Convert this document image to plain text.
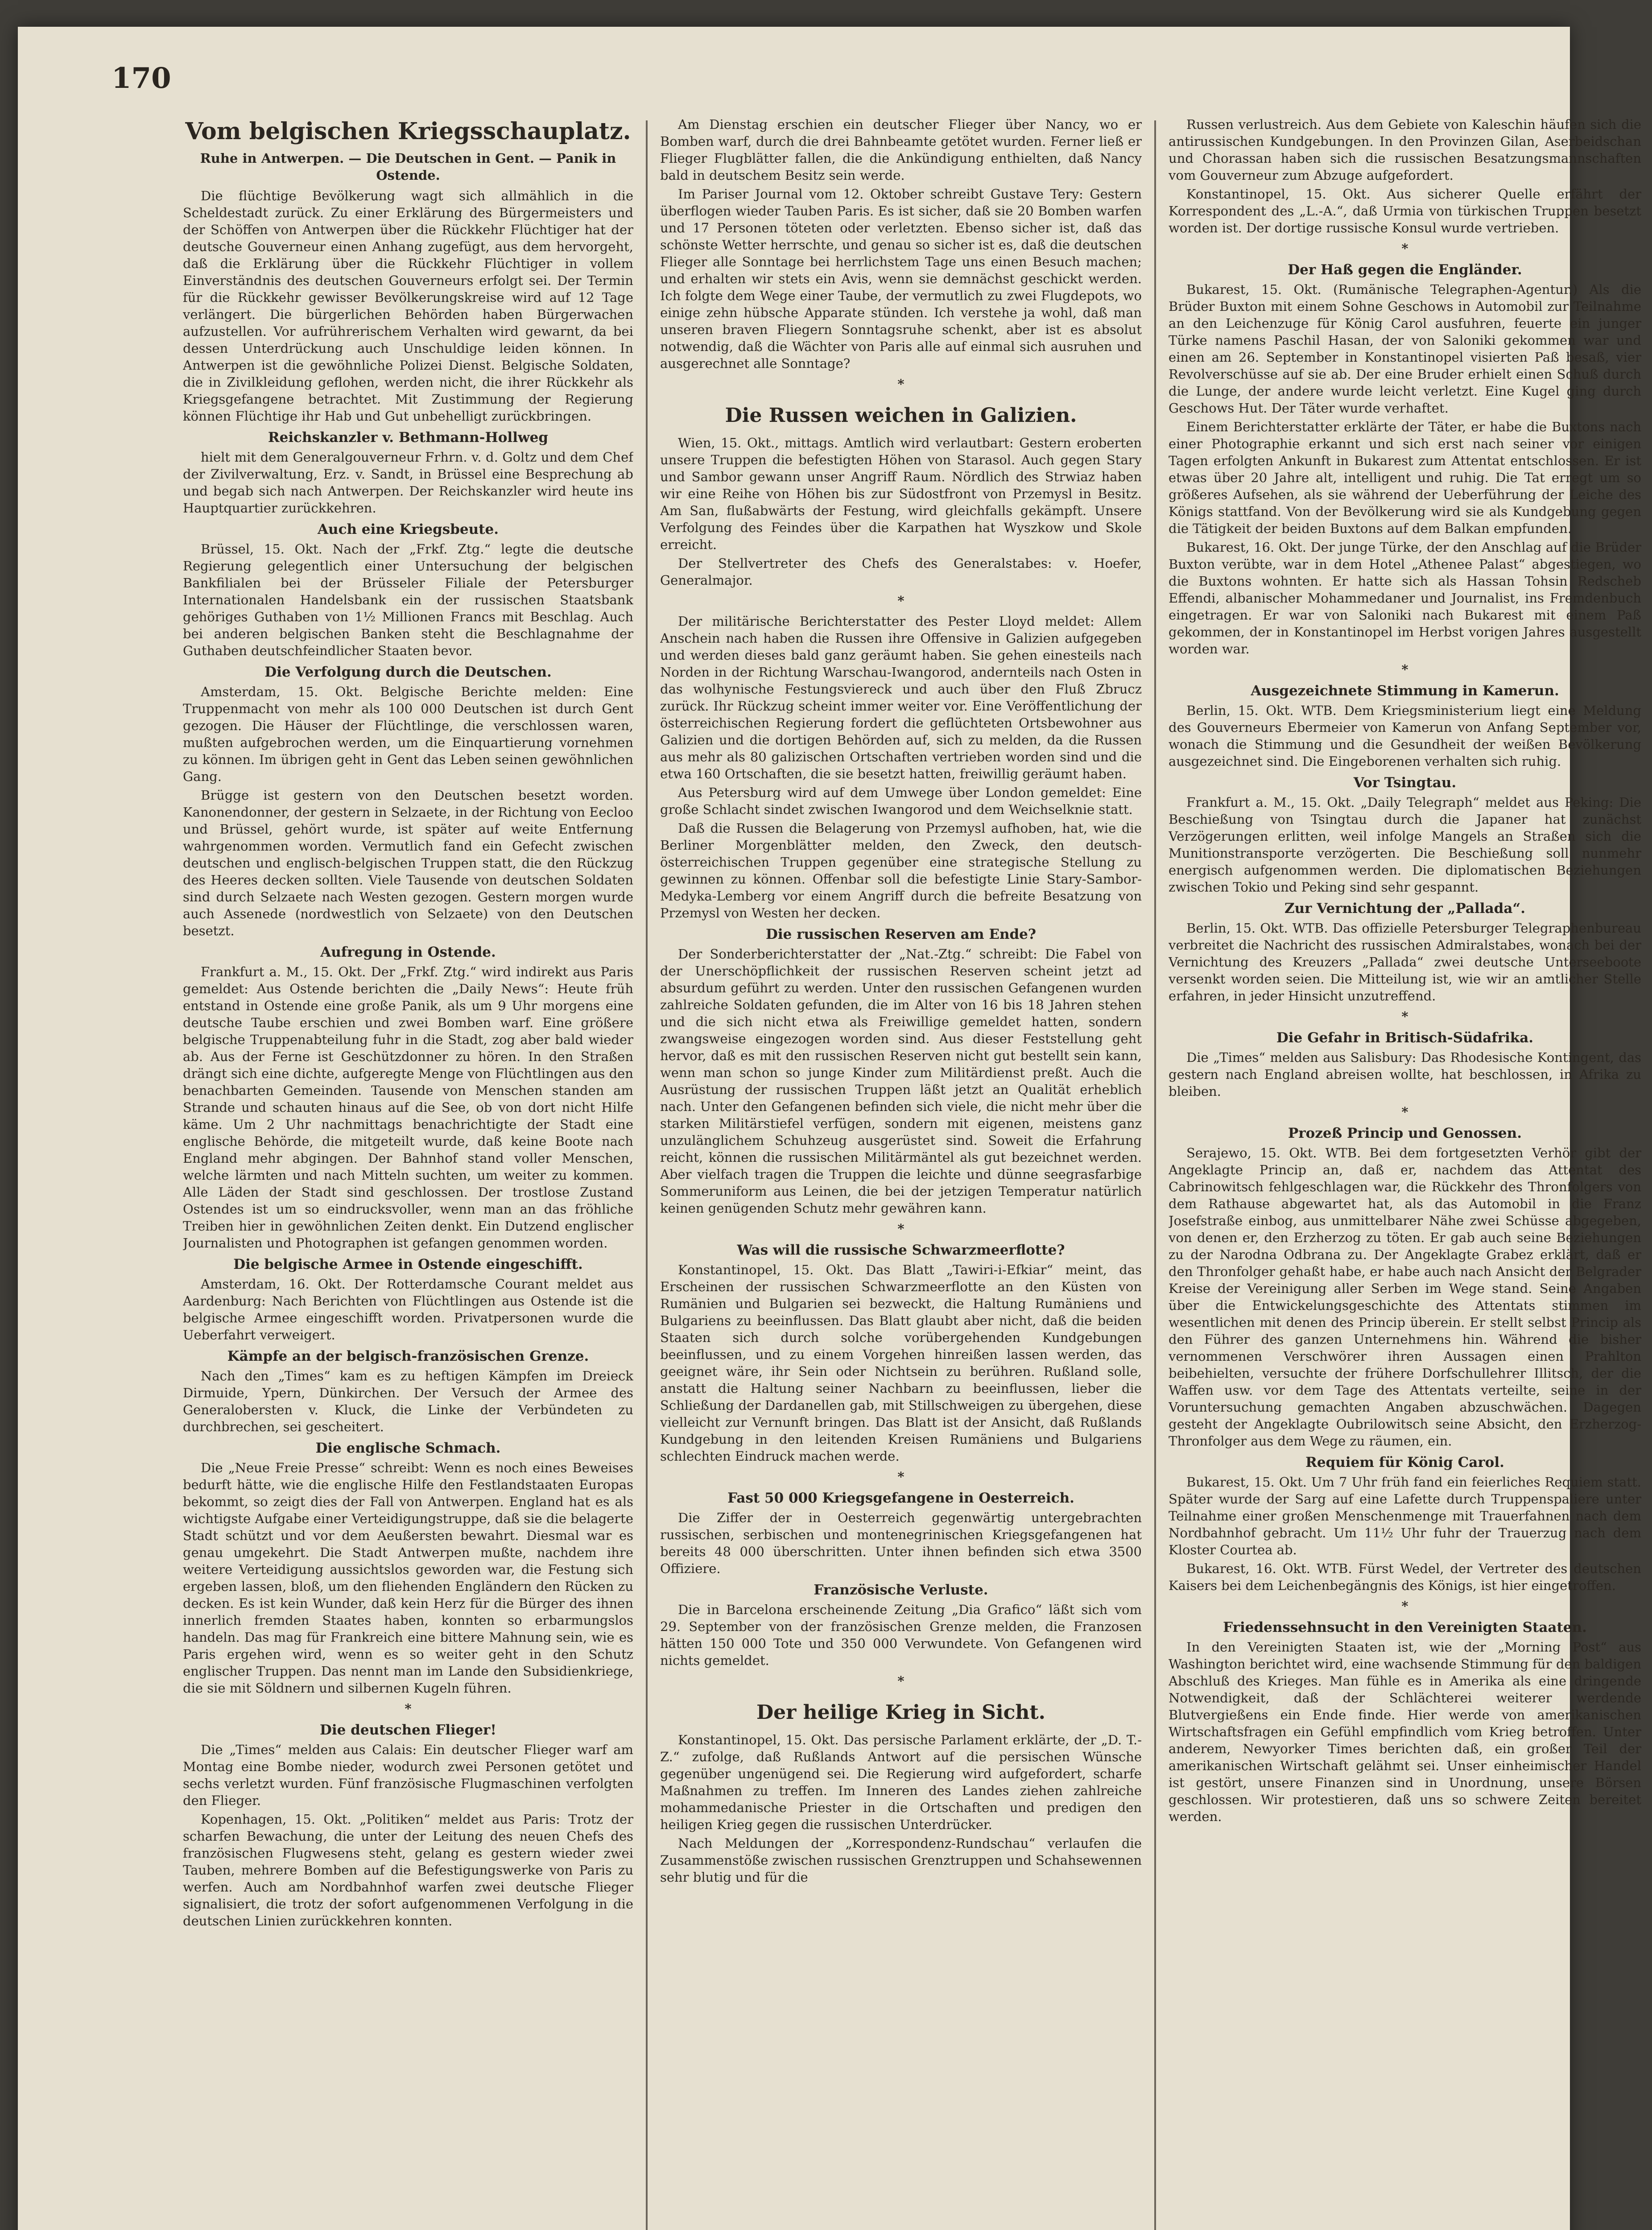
170
Vom belgischen Kriegsschauplatz.
Ruhe in Antwerpen. — Die Deutschen in Gent. — Panik in Ostende.

Die flüchtige Bevölkerung wagt sich allmählich in die Scheldestadt zurück. Zu einer Erklärung des Bürgermeisters und der Schöffen von Antwerpen über die Rückkehr Flüchtiger hat der deutsche Gouverneur einen Anhang zugefügt, aus dem hervorgeht, daß die Erklärung über die Rückkehr Flüchtiger in vollem Einverständnis des deutschen Gouverneurs erfolgt sei. Der Termin für die Rückkehr gewisser Bevölkerungskreise wird auf 12 Tage verlängert. Die bürgerlichen Behörden haben Bürgerwachen aufzustellen. Vor aufrührerischem Verhalten wird gewarnt, da bei dessen Unterdrückung auch Unschuldige leiden können. In Antwerpen ist die gewöhnliche Polizei Dienst. Belgische Soldaten, die in Zivilkleidung geflohen, werden nicht, die ihrer Rückkehr als Kriegsgefangene betrachtet. Mit Zustimmung der Regierung können Flüchtige ihr Hab und Gut unbehelligt zurückbringen.

Reichskanzler v. Bethmann-Hollweg

hielt mit dem Generalgouverneur Frhrn. v. d. Goltz und dem Chef der Zivilverwaltung, Erz. v. Sandt, in Brüssel eine Besprechung ab und begab sich nach Antwerpen. Der Reichskanzler wird heute ins Hauptquartier zurückkehren.

Auch eine Kriegsbeute.

Brüssel, 15. Okt. Nach der „Frkf. Ztg.“ legte die deutsche Regierung gelegentlich einer Untersuchung der belgischen Bankfilialen bei der Brüsseler Filiale der Petersburger Internationalen Handelsbank ein der russischen Staatsbank gehöriges Guthaben von 1½ Millionen Francs mit Beschlag. Auch bei anderen belgischen Banken steht die Beschlagnahme der Guthaben deutschfeindlicher Staaten bevor.

Die Verfolgung durch die Deutschen.

Amsterdam, 15. Okt. Belgische Berichte melden: Eine Truppenmacht von mehr als 100 000 Deutschen ist durch Gent gezogen. Die Häuser der Flüchtlinge, die verschlossen waren, mußten aufgebrochen werden, um die Einquartierung vornehmen zu können. Im übrigen geht in Gent das Leben seinen gewöhnlichen Gang.

Brügge ist gestern von den Deutschen besetzt worden. Kanonendonner, der gestern in Selzaete, in der Richtung von Eecloo und Brüssel, gehört wurde, ist später auf weite Entfernung wahrgenommen worden. Vermutlich fand ein Gefecht zwischen deutschen und englisch-belgischen Truppen statt, die den Rückzug des Heeres decken sollten. Viele Tausende von deutschen Soldaten sind durch Selzaete nach Westen gezogen. Gestern morgen wurde auch Assenede (nordwestlich von Selzaete) von den Deutschen besetzt.

Aufregung in Ostende.

Frankfurt a. M., 15. Okt. Der „Frkf. Ztg.“ wird indirekt aus Paris gemeldet: Aus Ostende berichten die „Daily News“: Heute früh entstand in Ostende eine große Panik, als um 9 Uhr morgens eine deutsche Taube erschien und zwei Bomben warf. Eine größere belgische Truppenabteilung fuhr in die Stadt, zog aber bald wieder ab. Aus der Ferne ist Geschützdonner zu hören. In den Straßen drängt sich eine dichte, aufgeregte Menge von Flüchtlingen aus den benachbarten Gemeinden. Tausende von Menschen standen am Strande und schauten hinaus auf die See, ob von dort nicht Hilfe käme. Um 2 Uhr nachmittags benachrichtigte der Stadt eine englische Behörde, die mitgeteilt wurde, daß keine Boote nach England mehr abgingen. Der Bahnhof stand voller Menschen, welche lärmten und nach Mitteln suchten, um weiter zu kommen. Alle Läden der Stadt sind geschlossen. Der trostlose Zustand Ostendes ist um so eindrucksvoller, wenn man an das fröhliche Treiben hier in gewöhnlichen Zeiten denkt. Ein Dutzend englischer Journalisten und Photographen ist gefangen genommen worden.

Die belgische Armee in Ostende eingeschifft.

Amsterdam, 16. Okt. Der Rotterdamsche Courant meldet aus Aardenburg: Nach Berichten von Flüchtlingen aus Ostende ist die belgische Armee eingeschifft worden. Privatpersonen wurde die Ueberfahrt verweigert.

Kämpfe an der belgisch-französischen Grenze.

Nach den „Times“ kam es zu heftigen Kämpfen im Dreieck Dirmuide, Ypern, Dünkirchen. Der Versuch der Armee des Generalobersten v. Kluck, die Linke der Verbündeten zu durchbrechen, sei gescheitert.

Die englische Schmach.

Die „Neue Freie Presse“ schreibt: Wenn es noch eines Beweises bedurft hätte, wie die englische Hilfe den Festlandstaaten Europas bekommt, so zeigt dies der Fall von Antwerpen. England hat es als wichtigste Aufgabe einer Verteidigungstruppe, daß sie die belagerte Stadt schützt und vor dem Aeußersten bewahrt. Diesmal war es genau umgekehrt. Die Stadt Antwerpen mußte, nachdem ihre weitere Verteidigung aussichtslos geworden war, die Festung sich ergeben lassen, bloß, um den fliehenden Engländern den Rücken zu decken. Es ist kein Wunder, daß kein Herz für die Bürger des ihnen innerlich fremden Staates haben, konnten so erbarmungslos handeln. Das mag für Frankreich eine bittere Mahnung sein, wie es Paris ergehen wird, wenn es so weiter geht in den Schutz englischer Truppen. Das nennt man im Lande den Subsidienkriege, die sie mit Söldnern und silbernen Kugeln führen.

*
Die deutschen Flieger!

Die „Times“ melden aus Calais: Ein deutscher Flieger warf am Montag eine Bombe nieder, wodurch zwei Personen getötet und sechs verletzt wurden. Fünf französische Flugmaschinen verfolgten den Flieger.

Kopenhagen, 15. Okt. „Politiken“ meldet aus Paris: Trotz der scharfen Bewachung, die unter der Leitung des neuen Chefs des französischen Flugwesens steht, gelang es gestern wieder zwei Tauben, mehrere Bomben auf die Befestigungswerke von Paris zu werfen. Auch am Nordbahnhof warfen zwei deutsche Flieger signalisiert, die trotz der sofort aufgenommenen Verfolgung in die deutschen Linien zurückkehren konnten.

Am Dienstag erschien ein deutscher Flieger über Nancy, wo er Bomben warf, durch die drei Bahnbeamte getötet wurden. Ferner ließ er Flieger Flugblätter fallen, die die Ankündigung enthielten, daß Nancy bald in deutschem Besitz sein werde.

Im Pariser Journal vom 12. Oktober schreibt Gustave Tery: Gestern überflogen wieder Tauben Paris. Es ist sicher, daß sie 20 Bomben warfen und 17 Personen töteten oder verletzten. Ebenso sicher ist, daß das schönste Wetter herrschte, und genau so sicher ist es, daß die deutschen Flieger alle Sonntage bei herrlichstem Tage uns einen Besuch machen; und erhalten wir stets ein Avis, wenn sie demnächst geschickt werden. Ich folgte dem Wege einer Taube, der vermutlich zu zwei Flugdepots, wo einige zehn hübsche Apparate stünden. Ich verstehe ja wohl, daß man unseren braven Fliegern Sonntagsruhe schenkt, aber ist es absolut notwendig, daß die Wächter von Paris alle auf einmal sich ausruhen und ausgerechnet alle Sonntage?

*
Die Russen weichen in Galizien.

Wien, 15. Okt., mittags. Amtlich wird verlautbart: Gestern eroberten unsere Truppen die befestigten Höhen von Starasol. Auch gegen Stary und Sambor gewann unser Angriff Raum. Nördlich des Strwiaz haben wir eine Reihe von Höhen bis zur Südostfront von Przemysl in Besitz. Am San, flußabwärts der Festung, wird gleichfalls gekämpft. Unsere Verfolgung des Feindes über die Karpathen hat Wyszkow und Skole erreicht.

Der Stellvertreter des Chefs des Generalstabes: v. Hoefer, Generalmajor.

*

Der militärische Berichterstatter des Pester Lloyd meldet: Allem Anschein nach haben die Russen ihre Offensive in Galizien aufgegeben und werden dieses bald ganz geräumt haben. Sie gehen einesteils nach Norden in der Richtung Warschau-Iwangorod, andernteils nach Osten in das wolhynische Festungsviereck und auch über den Fluß Zbrucz zurück. Ihr Rückzug scheint immer weiter vor. Eine Veröffentlichung der österreichischen Regierung fordert die geflüchteten Ortsbewohner aus Galizien und die dortigen Behörden auf, sich zu melden, da die Russen aus mehr als 80 galizischen Ortschaften vertrieben worden sind und die etwa 160 Ortschaften, die sie besetzt hatten, freiwillig geräumt haben.

Aus Petersburg wird auf dem Umwege über London gemeldet: Eine große Schlacht sindet zwischen Iwangorod und dem Weichselknie statt.

Daß die Russen die Belagerung von Przemysl aufhoben, hat, wie die Berliner Morgenblätter melden, den Zweck, den deutsch-österreichischen Truppen gegenüber eine strategische Stellung zu gewinnen zu können. Offenbar soll die befestigte Linie Stary-Sambor-Medyka-Lemberg vor einem Angriff durch die befreite Besatzung von Przemysl von Westen her decken.

Die russischen Reserven am Ende?

Der Sonderberichterstatter der „Nat.-Ztg.“ schreibt: Die Fabel von der Unerschöpflichkeit der russischen Reserven scheint jetzt ad absurdum geführt zu werden. Unter den russischen Gefangenen wurden zahlreiche Soldaten gefunden, die im Alter von 16 bis 18 Jahren stehen und die sich nicht etwa als Freiwillige gemeldet hatten, sondern zwangsweise eingezogen worden sind. Aus dieser Feststellung geht hervor, daß es mit den russischen Reserven nicht gut bestellt sein kann, wenn man schon so junge Kinder zum Militärdienst preßt. Auch die Ausrüstung der russischen Truppen läßt jetzt an Qualität erheblich nach. Unter den Gefangenen befinden sich viele, die nicht mehr über die starken Militärstiefel verfügen, sondern mit eigenen, meistens ganz unzulänglichem Schuhzeug ausgerüstet sind. Soweit die Erfahrung reicht, können die russischen Militärmäntel als gut bezeichnet werden. Aber vielfach tragen die Truppen die leichte und dünne seegrasfarbige Sommeruniform aus Leinen, die bei der jetzigen Temperatur natürlich keinen genügenden Schutz mehr gewähren kann.

*
Was will die russische Schwarzmeerflotte?

Konstantinopel, 15. Okt. Das Blatt „Tawiri-i-Efkiar“ meint, das Erscheinen der russischen Schwarzmeerflotte an den Küsten von Rumänien und Bulgarien sei bezweckt, die Haltung Rumäniens und Bulgariens zu beeinflussen. Das Blatt glaubt aber nicht, daß die beiden Staaten sich durch solche vorübergehenden Kundgebungen beeinflussen, und zu einem Vorgehen hinreißen lassen werden, das geeignet wäre, ihr Sein oder Nichtsein zu berühren. Rußland solle, anstatt die Haltung seiner Nachbarn zu beeinflussen, lieber die Schließung der Dardanellen gab, mit Stillschweigen zu übergehen, diese vielleicht zur Vernunft bringen. Das Blatt ist der Ansicht, daß Rußlands Kundgebung in den leitenden Kreisen Rumäniens und Bulgariens schlechten Eindruck machen werde.

*
Fast 50 000 Kriegsgefangene in Oesterreich.

Die Ziffer der in Oesterreich gegenwärtig untergebrachten russischen, serbischen und montenegrinischen Kriegsgefangenen hat bereits 48 000 überschritten. Unter ihnen befinden sich etwa 3500 Offiziere.

Französische Verluste.

Die in Barcelona erscheinende Zeitung „Dia Grafico“ läßt sich vom 29. September von der französischen Grenze melden, die Franzosen hätten 150 000 Tote und 350 000 Verwundete. Von Gefangenen wird nichts gemeldet.

*
Der heilige Krieg in Sicht.

Konstantinopel, 15. Okt. Das persische Parlament erklärte, der „D. T.-Z.“ zufolge, daß Rußlands Antwort auf die persischen Wünsche gegenüber ungenügend sei. Die Regierung wird aufgefordert, scharfe Maßnahmen zu treffen. Im Inneren des Landes ziehen zahlreiche mohammedanische Priester in die Ortschaften und predigen den heiligen Krieg gegen die russischen Unterdrücker.

Nach Meldungen der „Korrespondenz-Rundschau“ verlaufen die Zusammenstöße zwischen russischen Grenztruppen und Schahsewennen sehr blutig und für die

Russen verlustreich. Aus dem Gebiete von Kaleschin häufen sich die antirussischen Kundgebungen. In den Provinzen Gilan, Aserbeidschan und Chorassan haben sich die russischen Besatzungsmannschaften vom Gouverneur zum Abzuge aufgefordert.

Konstantinopel, 15. Okt. Aus sicherer Quelle erfährt der Korrespondent des „L.-A.“, daß Urmia von türkischen Truppen besetzt worden ist. Der dortige russische Konsul wurde vertrieben.

*
Der Haß gegen die Engländer.

Bukarest, 15. Okt. (Rumänische Telegraphen-Agentur.) Als die Brüder Buxton mit einem Sohne Geschows in Automobil zur Teilnahme an den Leichenzuge für König Carol ausfuhren, feuerte ein junger Türke namens Paschil Hasan, der von Saloniki gekommen war und einen am 26. September in Konstantinopel visierten Paß besaß, vier Revolverschüsse auf sie ab. Der eine Bruder erhielt einen Schuß durch die Lunge, der andere wurde leicht verletzt. Eine Kugel ging durch Geschows Hut. Der Täter wurde verhaftet.

Einem Berichterstatter erklärte der Täter, er habe die Buxtons nach einer Photographie erkannt und sich erst nach seiner vor einigen Tagen erfolgten Ankunft in Bukarest zum Attentat entschlossen. Er ist etwas über 20 Jahre alt, intelligent und ruhig. Die Tat erregt um so größeres Aufsehen, als sie während der Ueberführung der Leiche des Königs stattfand. Von der Bevölkerung wird sie als Kundgebung gegen die Tätigkeit der beiden Buxtons auf dem Balkan empfunden.

Bukarest, 16. Okt. Der junge Türke, der den Anschlag auf die Brüder Buxton verübte, war in dem Hotel „Athenee Palast“ abgestiegen, wo die Buxtons wohnten. Er hatte sich als Hassan Tohsin Redscheb Effendi, albanischer Mohammedaner und Journalist, ins Fremdenbuch eingetragen. Er war von Saloniki nach Bukarest mit einem Paß gekommen, der in Konstantinopel im Herbst vorigen Jahres ausgestellt worden war.

*
Ausgezeichnete Stimmung in Kamerun.

Berlin, 15. Okt. WTB. Dem Kriegsministerium liegt eine Meldung des Gouverneurs Ebermeier von Kamerun von Anfang September vor, wonach die Stimmung und die Gesundheit der weißen Bevölkerung ausgezeichnet sind. Die Eingeborenen verhalten sich ruhig.

Vor Tsingtau.

Frankfurt a. M., 15. Okt. „Daily Telegraph“ meldet aus Peking: Die Beschießung von Tsingtau durch die Japaner hat zunächst Verzögerungen erlitten, weil infolge Mangels an Straßen sich die Munitionstransporte verzögerten. Die Beschießung soll nunmehr energisch aufgenommen werden. Die diplomatischen Beziehungen zwischen Tokio und Peking sind sehr gespannt.

Zur Vernichtung der „Pallada“.

Berlin, 15. Okt. WTB. Das offizielle Petersburger Telegraphenbureau verbreitet die Nachricht des russischen Admiralstabes, wonach bei der Vernichtung des Kreuzers „Pallada“ zwei deutsche Unterseeboote versenkt worden seien. Die Mitteilung ist, wie wir an amtlicher Stelle erfahren, in jeder Hinsicht unzutreffend.

*
Die Gefahr in Britisch-Südafrika.

Die „Times“ melden aus Salisbury: Das Rhodesische Kontingent, das gestern nach England abreisen wollte, hat beschlossen, in Afrika zu bleiben.

*
Prozeß Princip und Genossen.

Serajewo, 15. Okt. WTB. Bei dem fortgesetzten Verhör gibt der Angeklagte Princip an, daß er, nachdem das Attentat des Cabrinowitsch fehlgeschlagen war, die Rückkehr des Thronfolgers von dem Rathause abgewartet hat, als das Automobil in die Franz Josefstraße einbog, aus unmittelbarer Nähe zwei Schüsse abgegeben, von denen er, den Erzherzog zu töten. Er gab auch seine Beziehungen zu der Narodna Odbrana zu. Der Angeklagte Grabez erklärt, daß er den Thronfolger gehaßt habe, er habe auch nach Ansicht der Belgrader Kreise der Vereinigung aller Serben im Wege stand. Seine Angaben über die Entwickelungsgeschichte des Attentats stimmen im wesentlichen mit denen des Princip überein. Er stellt selbst Princip als den Führer des ganzen Unternehmens hin. Während die bisher vernommenen Verschwörer ihren Aussagen einen Prahlton beibehielten, versuchte der frühere Dorfschullehrer Illitsch, der die Waffen usw. vor dem Tage des Attentats verteilte, seine in der Voruntersuchung gemachten Angaben abzuschwächen. Dagegen gesteht der Angeklagte Oubrilowitsch seine Absicht, den Erzherzog-Thronfolger aus dem Wege zu räumen, ein.

Requiem für König Carol.

Bukarest, 15. Okt. Um 7 Uhr früh fand ein feierliches Requiem statt. Später wurde der Sarg auf eine Lafette durch Truppenspaliere unter Teilnahme einer großen Menschenmenge mit Trauerfahnen nach dem Nordbahnhof gebracht. Um 11½ Uhr fuhr der Trauerzug nach dem Kloster Courtea ab.

Bukarest, 16. Okt. WTB. Fürst Wedel, der Vertreter des deutschen Kaisers bei dem Leichenbegängnis des Königs, ist hier eingetroffen.

*
Friedenssehnsucht in den Vereinigten Staaten.

In den Vereinigten Staaten ist, wie der „Morning Post“ aus Washington berichtet wird, eine wachsende Stimmung für den baldigen Abschluß des Krieges. Man fühle es in Amerika als eine dringende Notwendigkeit, daß der Schlächterei weiterer werdende Blutvergießens ein Ende finde. Hier werde von amerikanischen Wirtschaftsfragen ein Gefühl empfindlich vom Krieg betroffen. Unter anderem, Newyorker Times berichten daß, ein großer Teil der amerikanischen Wirtschaft gelähmt sei. Unser einheimischer Handel ist gestört, unsere Finanzen sind in Unordnung, unsere Börsen geschlossen. Wir protestieren, daß uns so schwere Zeiten bereitet werden.
